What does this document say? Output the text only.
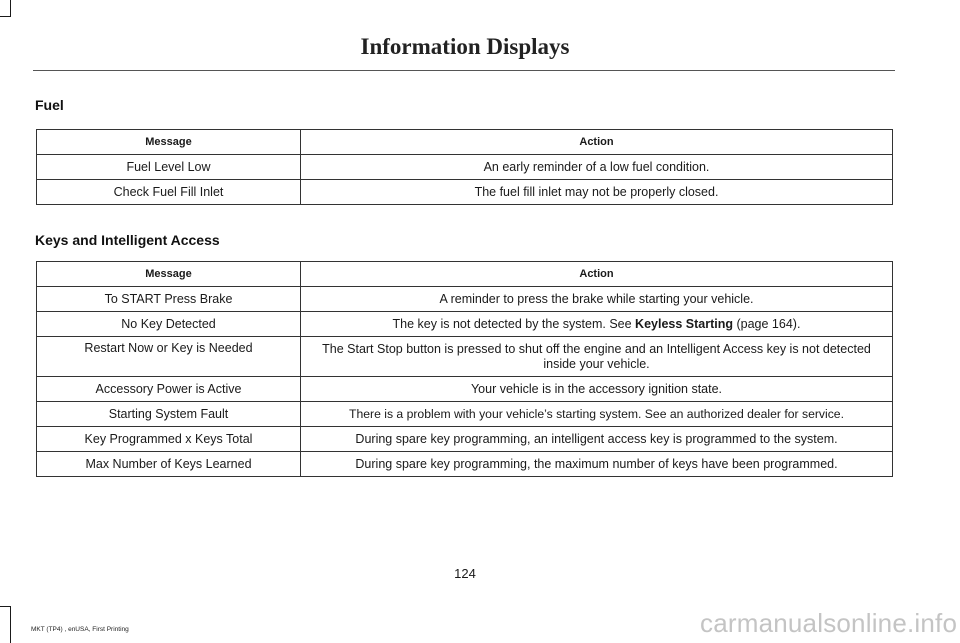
Information Displays
Fuel
Message	Action
Fuel Level Low	An early reminder of a low fuel condition.
Check Fuel Fill Inlet	The fuel fill inlet may not be properly closed.
Keys and Intelligent Access
Message	Action
To START Press Brake	A reminder to press the brake while starting your vehicle.
No Key Detected	The key is not detected by the system. See Keyless Starting (page 164).
Restart Now or Key is Needed	The Start Stop button is pressed to shut off the engine and an Intelligent Access key is not detected inside your vehicle.
Accessory Power is Active	Your vehicle is in the accessory ignition state.
Starting System Fault	There is a problem with your vehicle’s starting system. See an authorized dealer for service.
Key Programmed x Keys Total	During spare key programming, an intelligent access key is programmed to the system.
Max Number of Keys Learned	During spare key programming, the maximum number of keys have been programmed.
124
MKT (TP4) , enUSA, First Printing	carmanualsonline.info
